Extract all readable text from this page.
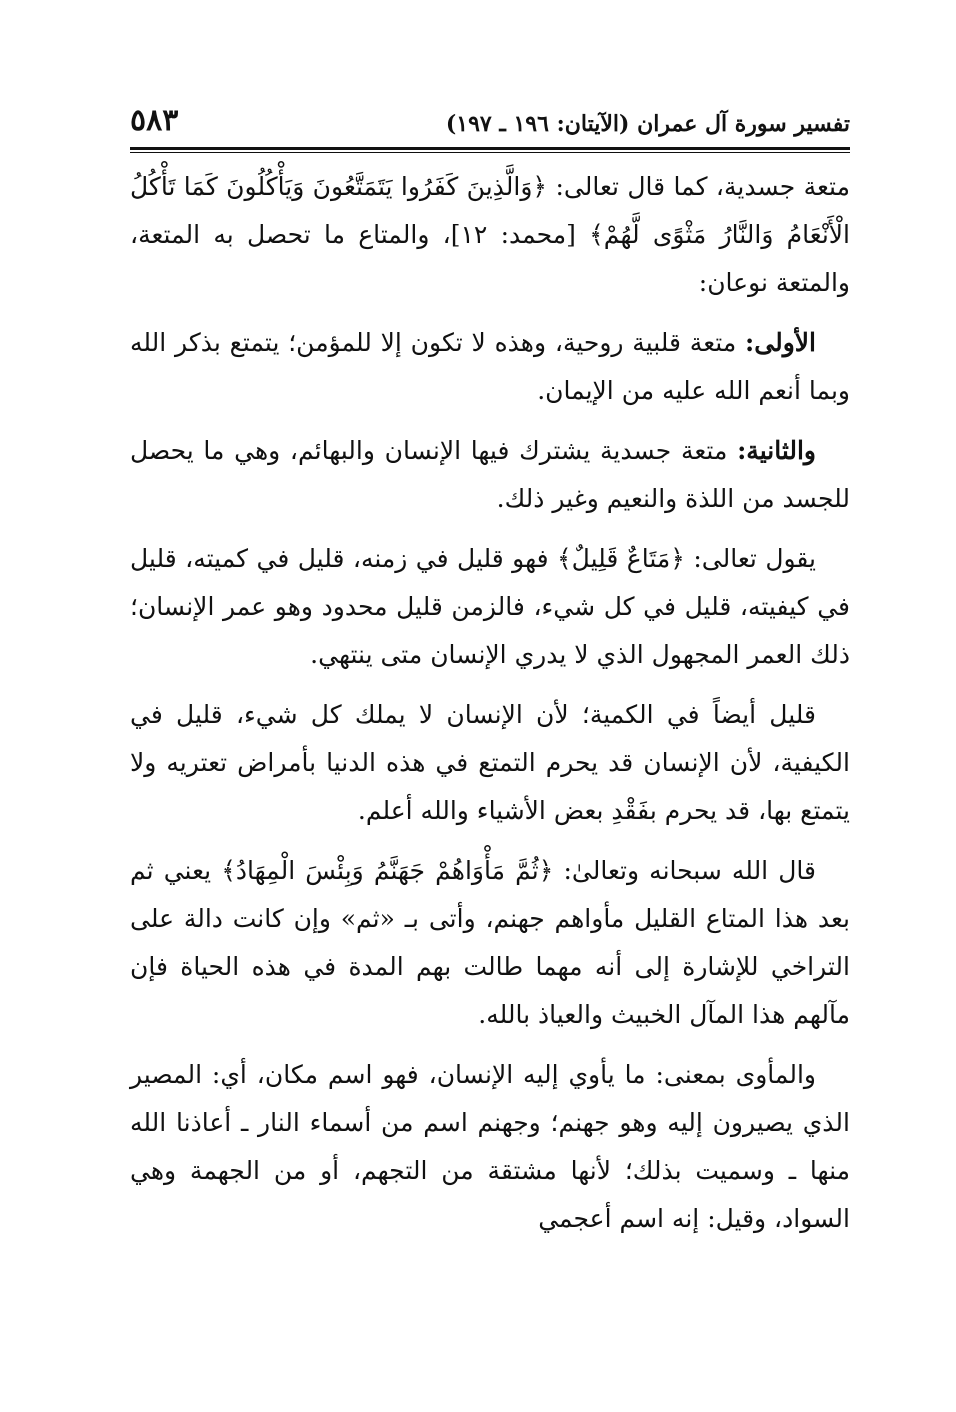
تفسير سورة آل عمران (الآيتان: ١٩٦ ـ ١٩٧)
٥٨٣

متعة جسدية، كما قال تعالى: ﴿وَالَّذِينَ كَفَرُوا يَتَمَتَّعُونَ وَيَأْكُلُونَ كَمَا تَأْكُلُ الْأَنْعَامُ وَالنَّارُ مَثْوًى لَّهُمْ﴾ [محمد: ١٢]، والمتاع ما تحصل به المتعة، والمتعة نوعان:

الأولى: متعة قلبية روحية، وهذه لا تكون إلا للمؤمن؛ يتمتع بذكر الله وبما أنعم الله عليه من الإيمان.

والثانية: متعة جسدية يشترك فيها الإنسان والبهائم، وهي ما يحصل للجسد من اللذة والنعيم وغير ذلك.

يقول تعالى: ﴿مَتَاعٌ قَلِيلٌ﴾ فهو قليل في زمنه، قليل في كميته، قليل في كيفيته، قليل في كل شيء، فالزمن قليل محدود وهو عمر الإنسان؛ ذلك العمر المجهول الذي لا يدري الإنسان متى ينتهي.

قليل أيضاً في الكمية؛ لأن الإنسان لا يملك كل شيء، قليل في الكيفية، لأن الإنسان قد يحرم التمتع في هذه الدنيا بأمراض تعتريه ولا يتمتع بها، قد يحرم بفَقْدِ بعض الأشياء والله أعلم.

قال الله سبحانه وتعالىٰ: ﴿ثُمَّ مَأْوَاهُمْ جَهَنَّمُ وَبِئْسَ الْمِهَادُ﴾ يعني ثم بعد هذا المتاع القليل مأواهم جهنم، وأتى بـ «ثم» وإن كانت دالة على التراخي للإشارة إلى أنه مهما طالت بهم المدة في هذه الحياة فإن مآلهم هذا المآل الخبيث والعياذ بالله.

والمأوى بمعنى: ما يأوي إليه الإنسان، فهو اسم مكان، أي: المصير الذي يصيرون إليه وهو جهنم؛ وجهنم اسم من أسماء النار ـ أعاذنا الله منها ـ وسميت بذلك؛ لأنها مشتقة من التجهم، أو من الجهمة وهي السواد، وقيل: إنه اسم أعجمي
